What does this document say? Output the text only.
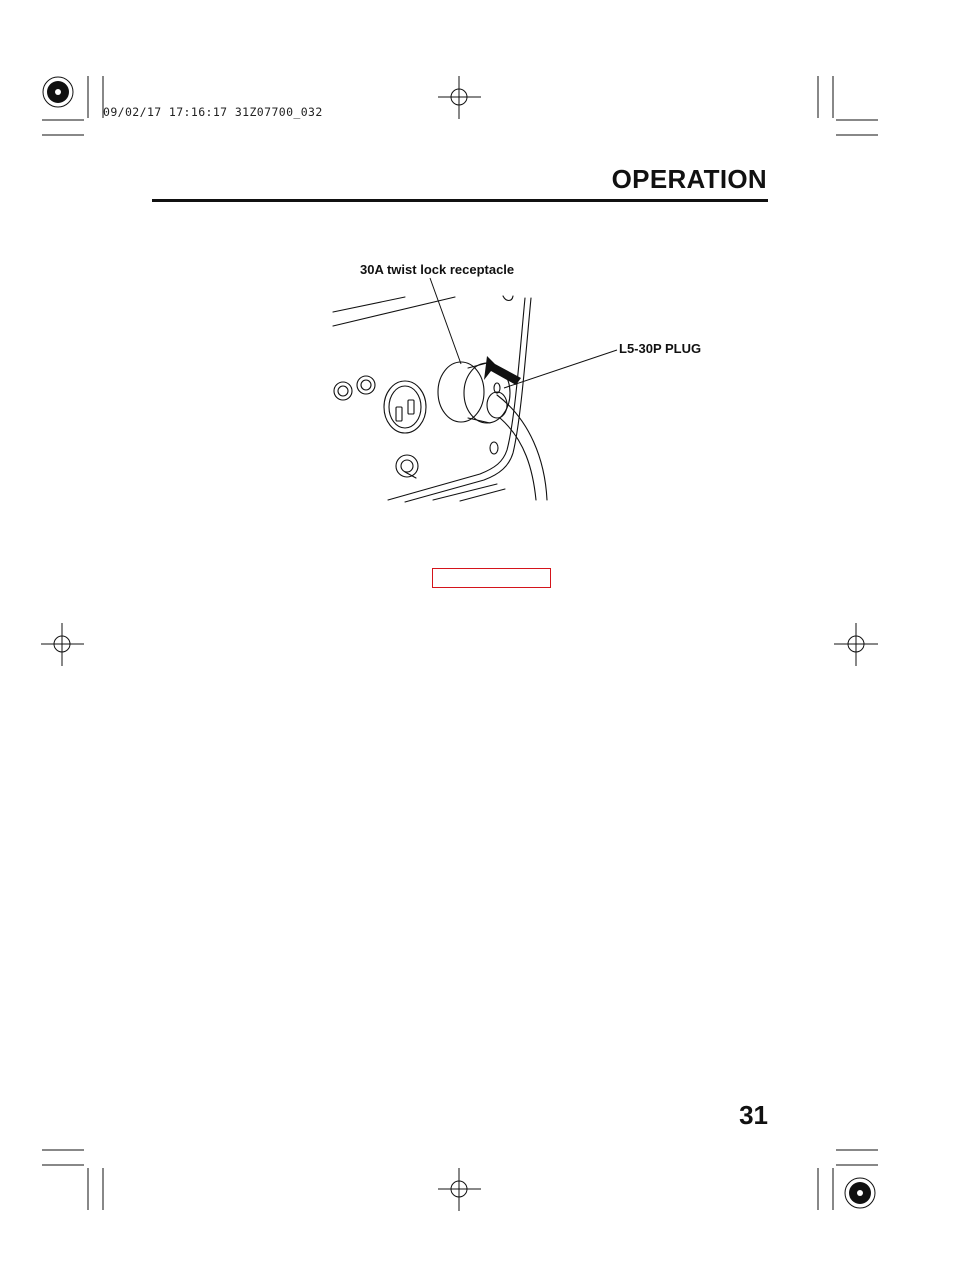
09/02/17 17:16:17 31Z07700_032
OPERATION
30A twist lock receptacle
L5-30P PLUG
31
